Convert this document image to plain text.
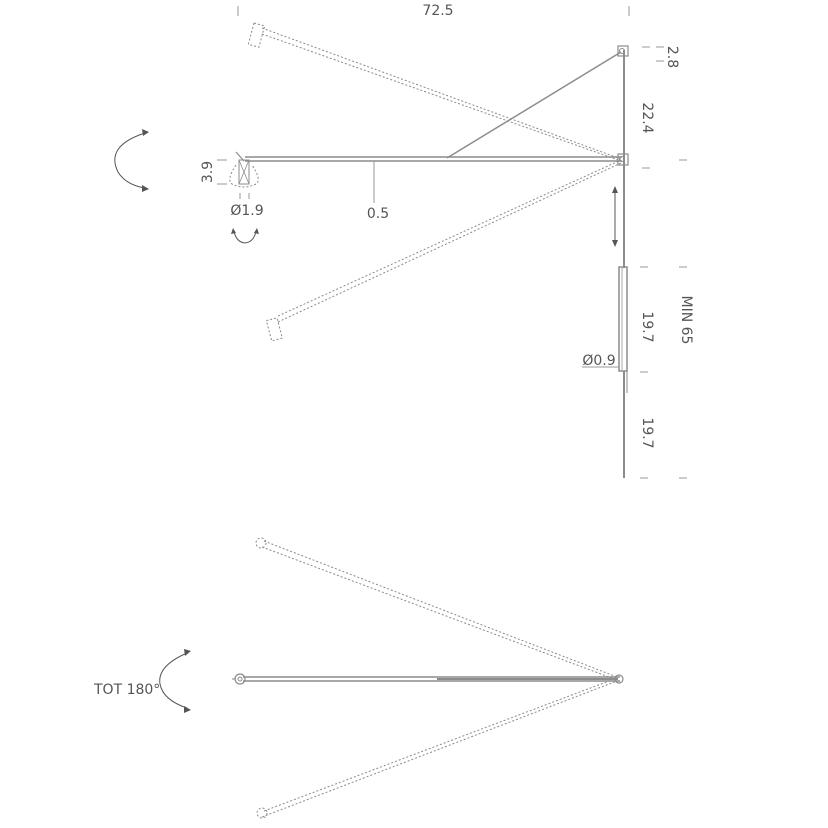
72.5
2.8
22.4
19.7
19.7
MIN 65
3.9
Ø1.9	0.5
Ø0.9
TOT 180°
